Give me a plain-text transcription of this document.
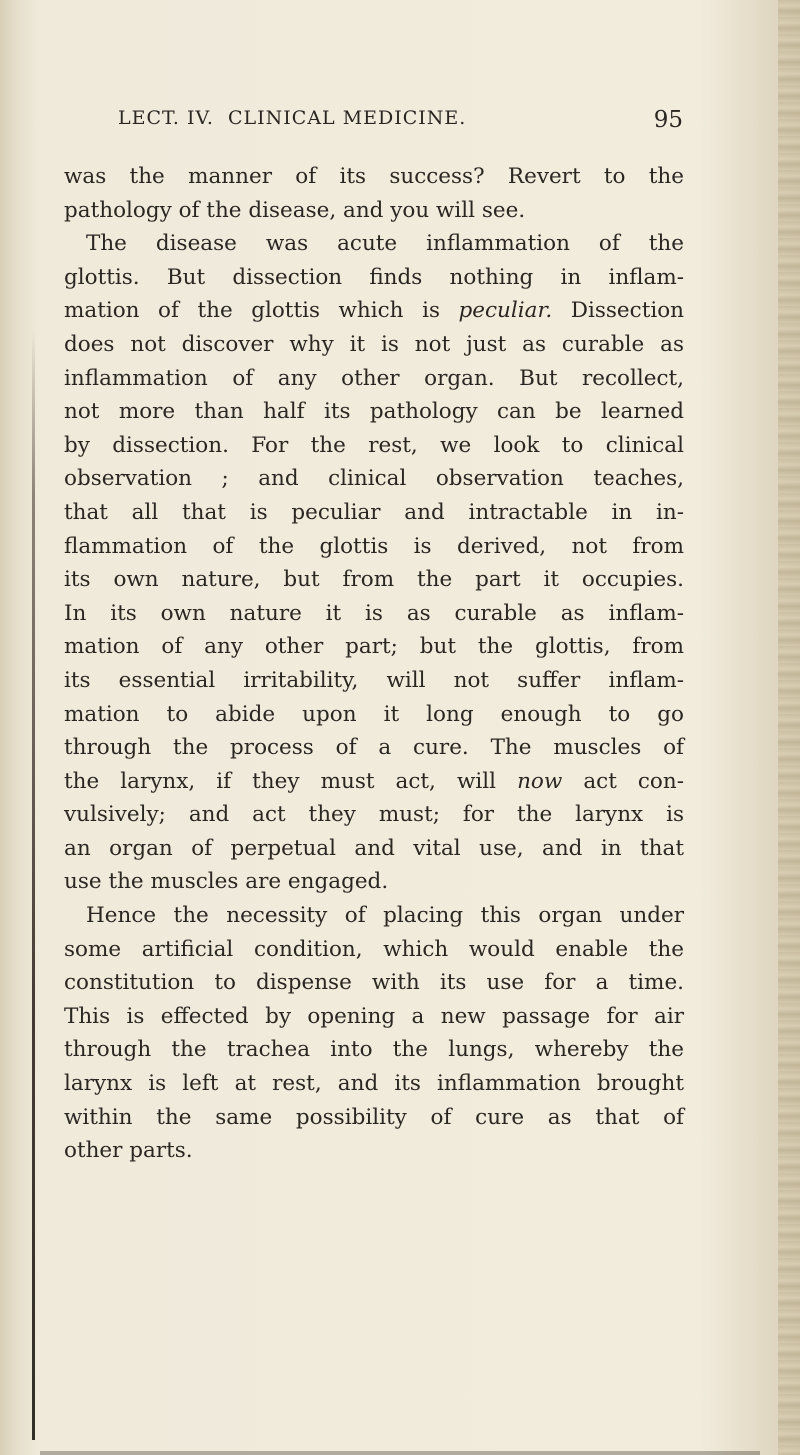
LECT. IV. CLINICAL MEDICINE.	95
was the manner of its success? Revert to the
pathology of the disease, and you will see.
The disease was acute inflammation of the
glottis. But dissection finds nothing in inflam-
mation of the glottis which is peculiar. Dissection
does not discover why it is not just as curable as
inflammation of any other organ. But recollect,
not more than half its pathology can be learned
by dissection. For the rest, we look to clinical
observation ; and clinical observation teaches,
that all that is peculiar and intractable in in-
flammation of the glottis is derived, not from
its own nature, but from the part it occupies.
In its own nature it is as curable as inflam-
mation of any other part; but the glottis, from
its essential irritability, will not suffer inflam-
mation to abide upon it long enough to go
through the process of a cure. The muscles of
the larynx, if they must act, will now act con-
vulsively; and act they must; for the larynx is
an organ of perpetual and vital use, and in that
use the muscles are engaged.
Hence the necessity of placing this organ under
some artificial condition, which would enable the
constitution to dispense with its use for a time.
This is effected by opening a new passage for air
through the trachea into the lungs, whereby the
larynx is left at rest, and its inflammation brought
within the same possibility of cure as that of
other parts.
